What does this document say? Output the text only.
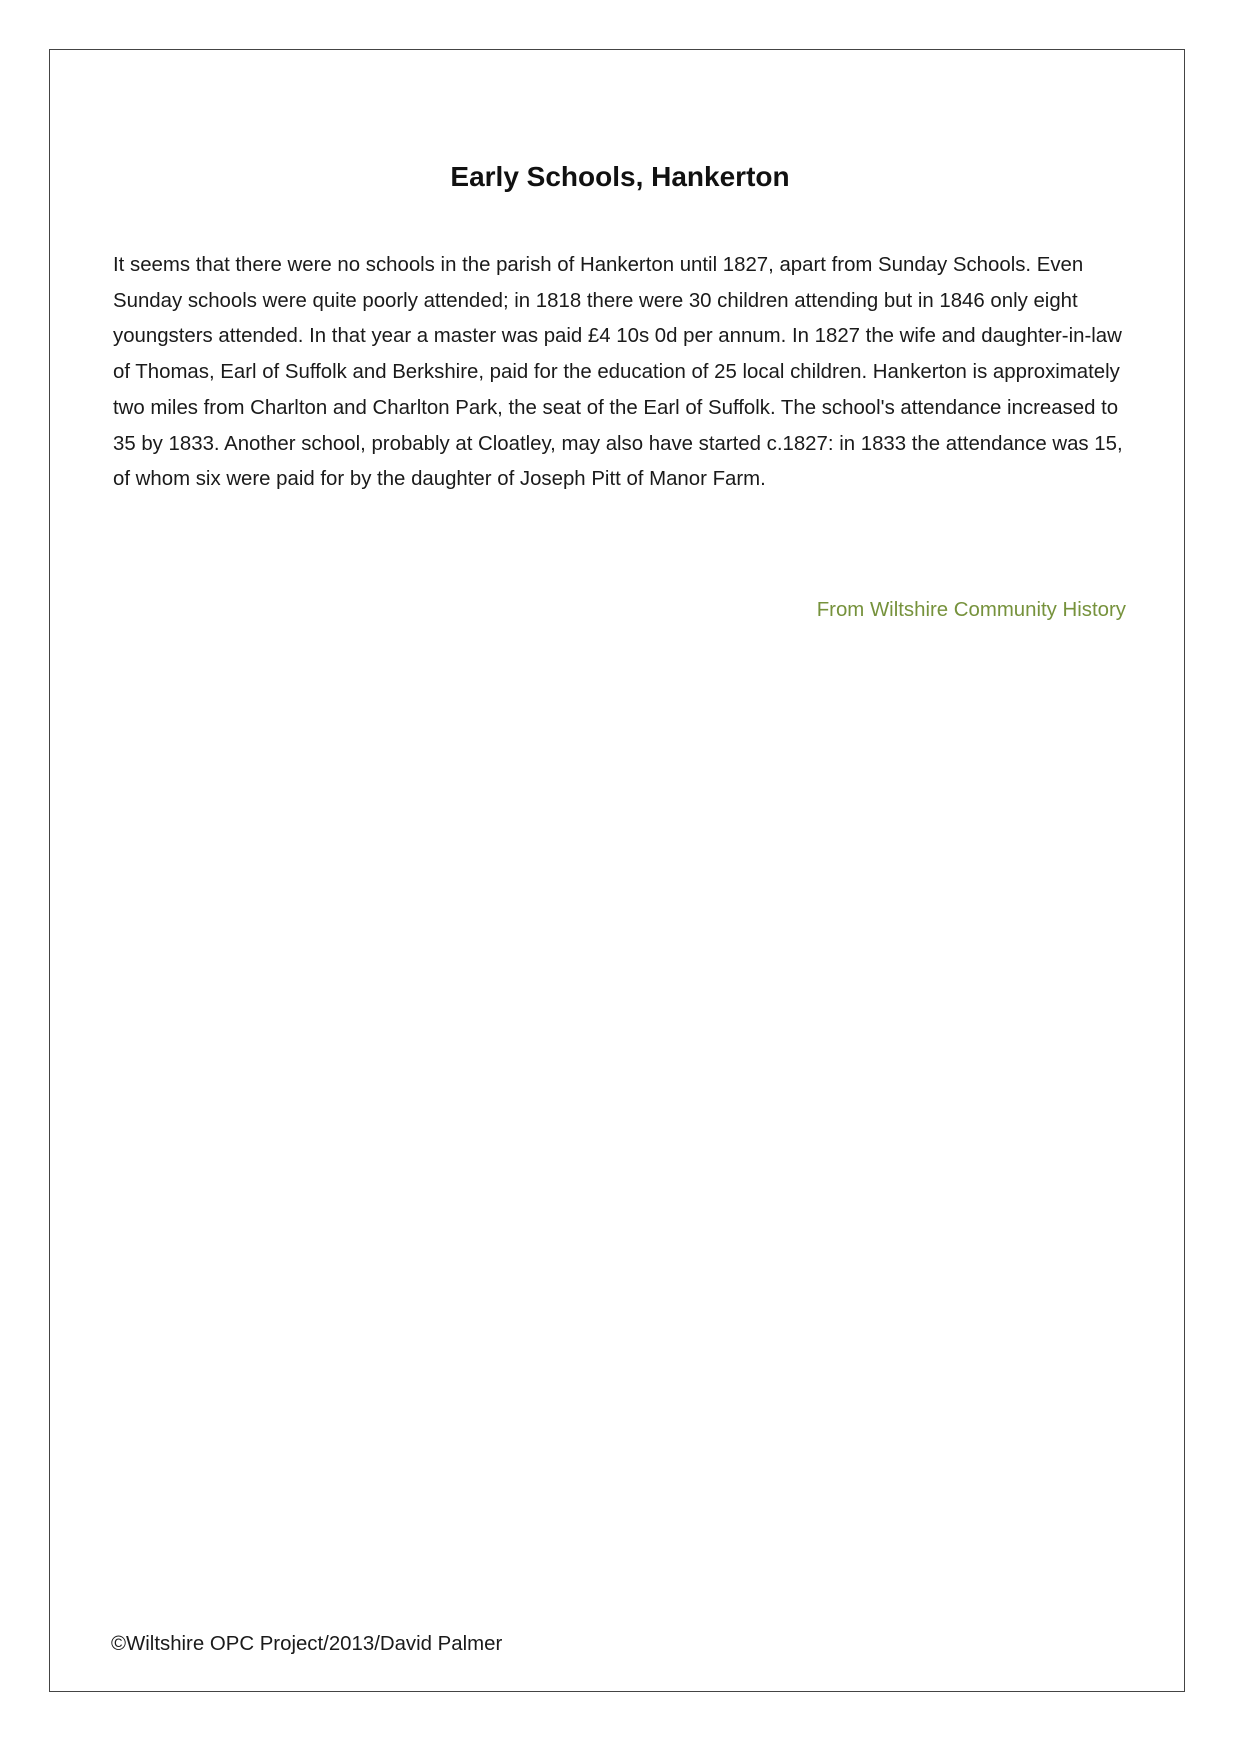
Early Schools, Hankerton

It seems that there were no schools in the parish of Hankerton until 1827, apart from Sunday Schools. Even Sunday schools were quite poorly attended; in 1818 there were 30 children attending but in 1846 only eight youngsters attended. In that year a master was paid £4 10s 0d per annum. In 1827 the wife and daughter-in-law of Thomas, Earl of Suffolk and Berkshire, paid for the education of 25 local children. Hankerton is approximately two miles from Charlton and Charlton Park, the seat of the Earl of Suffolk. The school's attendance increased to 35 by 1833. Another school, probably at Cloatley, may also have started c.1827: in 1833 the attendance was 15, of whom six were paid for by the daughter of Joseph Pitt of Manor Farm.

From Wiltshire Community History
©Wiltshire OPC Project/2013/David Palmer
